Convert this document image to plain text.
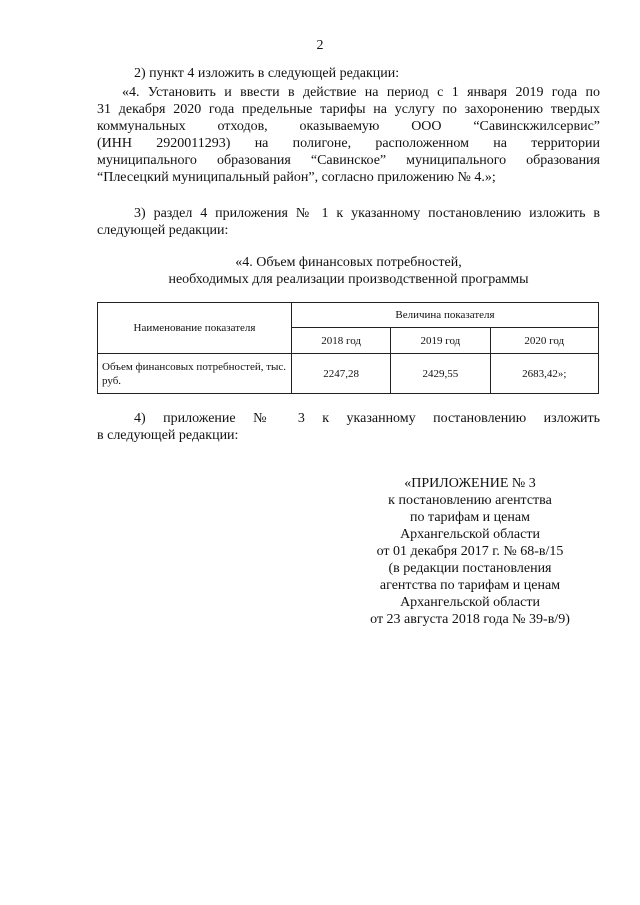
2
2) пункт 4 изложить в следующей редакции:
«4. Установить и ввести в действие на период с 1 января 2019 года по
31 декабря 2020 года предельные тарифы на услугу по захоронению твердых
коммунальных отходов, оказываемую ООО “Савинскжилсервис”
(ИНН 2920011293) на полигоне, расположенном на территории
муниципального образования “Савинское” муниципального образования
“Плесецкий муниципальный район”, согласно приложению № 4.»;
3) раздел 4 приложения № 1 к указанному постановлению изложить в
следующей редакции:
«4. Объем финансовых потребностей,
необходимых для реализации производственной программы
Наименование показателя	Величина показателя		
	2018 год	2019 год	2020 год
Объем финансовых потребностей, тыс. руб.	2247,28	2429,55	2683,42»;
4) приложение № 3 к указанному постановлению изложить
в следующей редакции:
«ПРИЛОЖЕНИЕ № 3
к постановлению агентства
по тарифам и ценам
Архангельской области
от 01 декабря 2017 г. № 68-в/15
(в редакции постановления
агентства по тарифам и ценам
Архангельской области
от 23 августа 2018 года № 39-в/9)
